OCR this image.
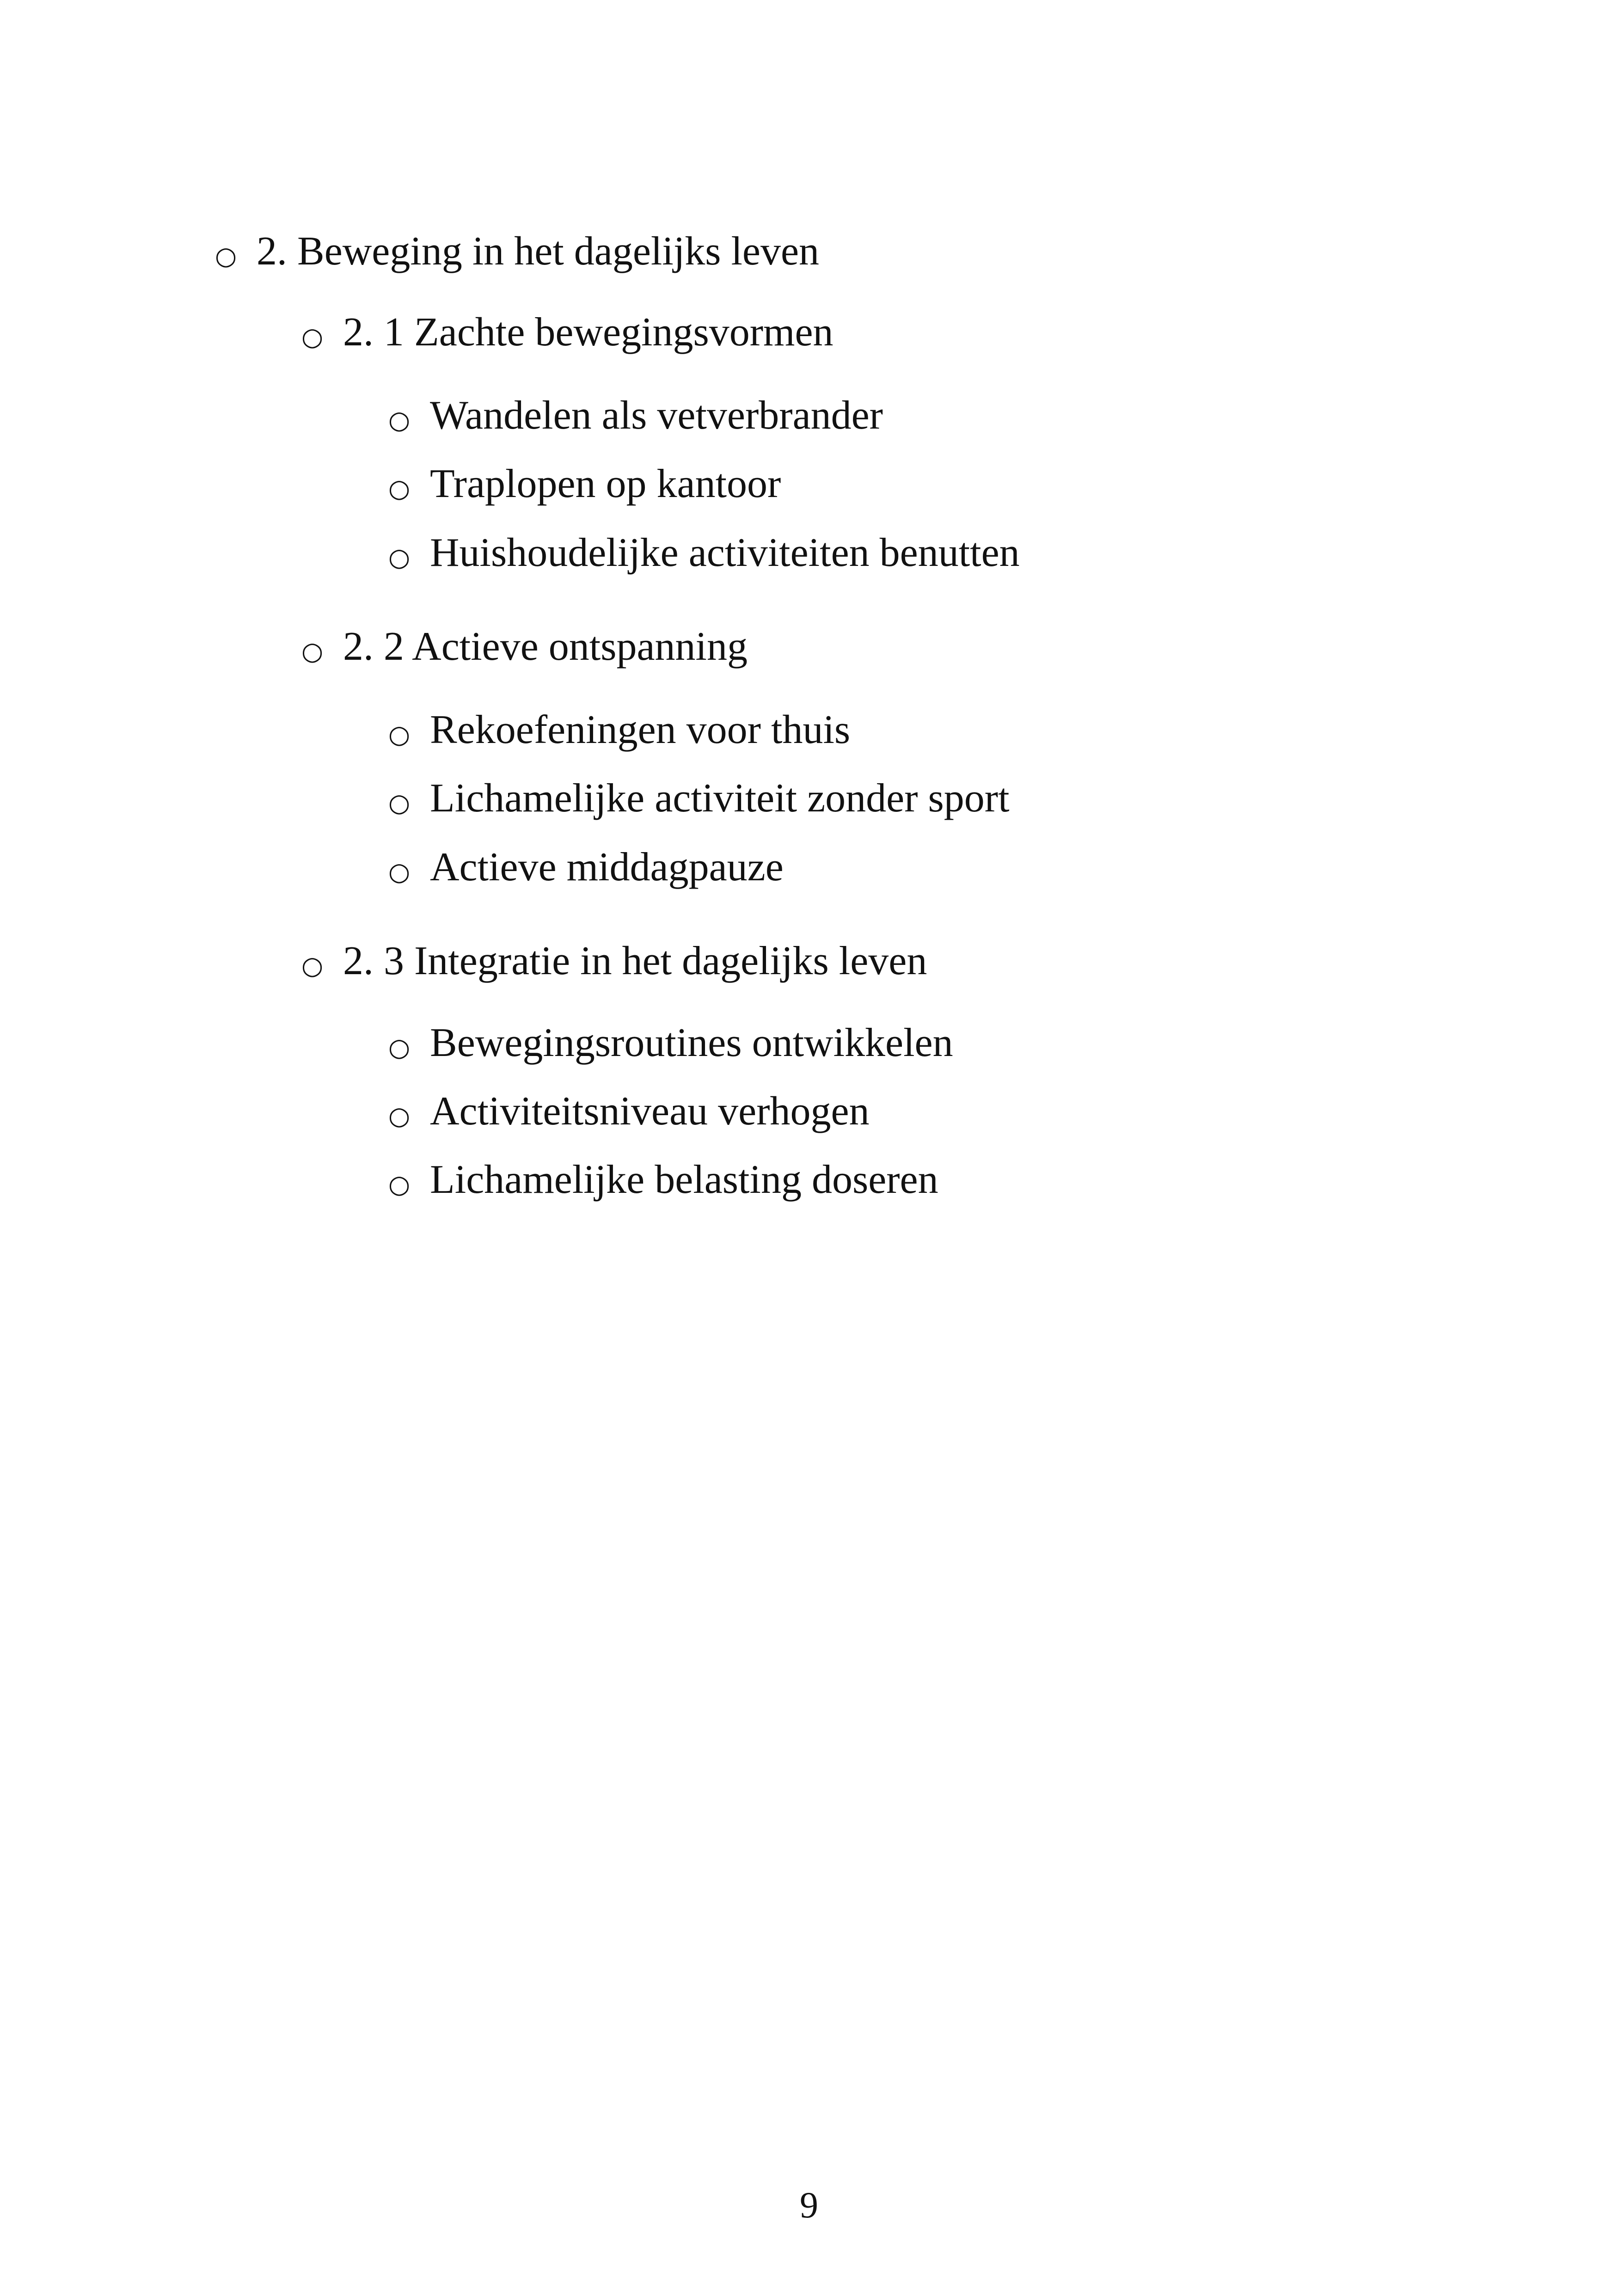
○ 2. Beweging in het dagelijks leven
○ 2. 1 Zachte bewegingsvormen
○ Wandelen als vetverbrander
○ Traplopen op kantoor
○ Huishoudelijke activiteiten benutten
○ 2. 2 Actieve ontspanning
○ Rekoefeningen voor thuis
○ Lichamelijke activiteit zonder sport
○ Actieve middagpauze
○ 2. 3 Integratie in het dagelijks leven
○ Bewegingsroutines ontwikkelen
○ Activiteitsniveau verhogen
○ Lichamelijke belasting doseren
9
